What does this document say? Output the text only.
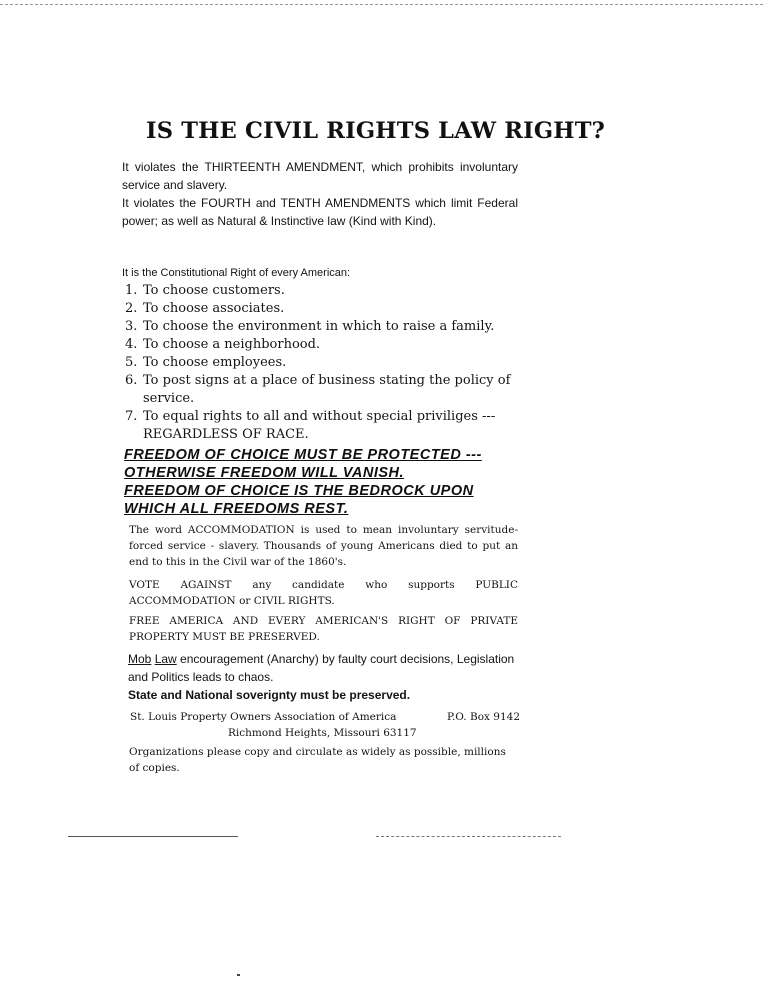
IS THE CIVIL RIGHTS LAW RIGHT?

It violates the THIRTEENTH AMENDMENT, which prohibits involuntary service and slavery.

It violates the FOURTH and TENTH AMENDMENTS which limit Federal power; as well as Natural & Instinctive law (Kind with Kind).

It is the Constitutional Right of every American:

1. To choose customers.
2. To choose associates.
3. To choose the environment in which to raise a family.
4. To choose a neighborhood.
5. To choose employees.
6. To post signs at a place of business stating the policy of service.
7. To equal rights to all and without special priviliges --- REGARDLESS OF RACE.
FREEDOM OF CHOICE MUST BE PROTECTED ---
OTHERWISE FREEDOM WILL VANISH.
FREEDOM OF CHOICE IS THE BEDROCK UPON
WHICH ALL FREEDOMS REST.

The word ACCOMMODATION is used to mean involuntary servitude-forced service - slavery. Thousands of young Americans died to put an end to this in the Civil war of the 1860's.

VOTE AGAINST any candidate who supports PUBLIC ACCOMMODATION or CIVIL RIGHTS.

FREE AMERICA AND EVERY AMERICAN'S RIGHT OF PRIVATE PROPERTY MUST BE PRESERVED.

Mob Law encouragement (Anarchy) by faulty court decisions, Legislation and Politics leads to chaos.

State and National soverignty must be preserved.

St. Louis Property Owners Association of America	P.O. Box 9142
Richmond Heights, Missouri 63117

Organizations please copy and circulate as widely as possible, millions of copies.
